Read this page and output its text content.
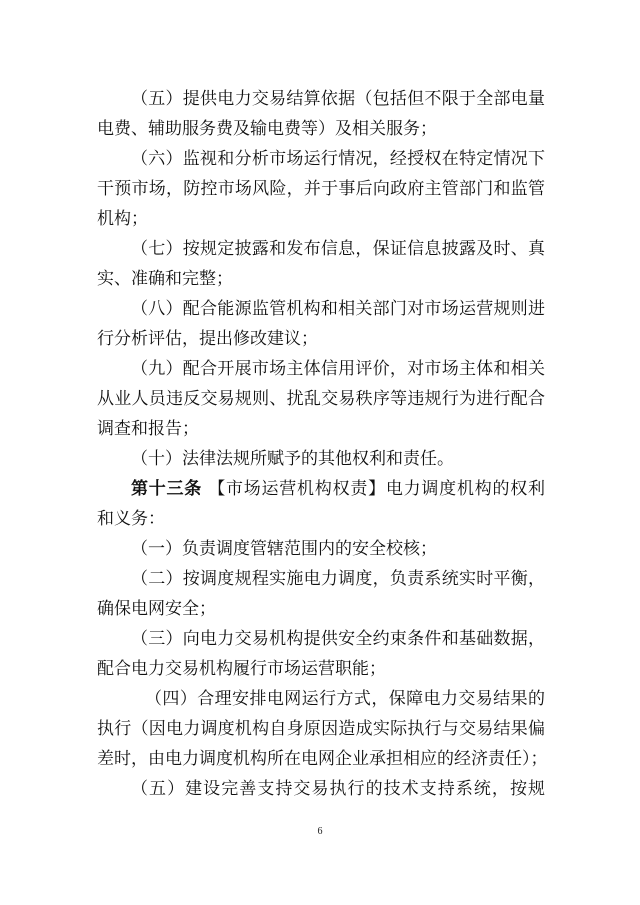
（五）提供电力交易结算依据（包括但不限于全部电量
电费、辅助服务费及输电费等）及相关服务；
（六）监视和分析市场运行情况，经授权在特定情况下
干预市场，防控市场风险，并于事后向政府主管部门和监管
机构；
（七）按规定披露和发布信息，保证信息披露及时、真
实、准确和完整；
（八）配合能源监管机构和相关部门对市场运营规则进
行分析评估，提出修改建议；
（九）配合开展市场主体信用评价，对市场主体和相关
从业人员违反交易规则、扰乱交易秩序等违规行为进行配合
调查和报告；
（十）法律法规所赋予的其他权利和责任。
第十三条 【市场运营机构权责】电力调度机构的权利
和义务：
（一）负责调度管辖范围内的安全校核；
（二）按调度规程实施电力调度，负责系统实时平衡，
确保电网安全；
（三）向电力交易机构提供安全约束条件和基础数据，
配合电力交易机构履行市场运营职能；
（四）合理安排电网运行方式，保障电力交易结果的
执行（因电力调度机构自身原因造成实际执行与交易结果偏
差时，由电力调度机构所在电网企业承担相应的经济责任）；
（五）建设完善支持交易执行的技术支持系统，按规
6
